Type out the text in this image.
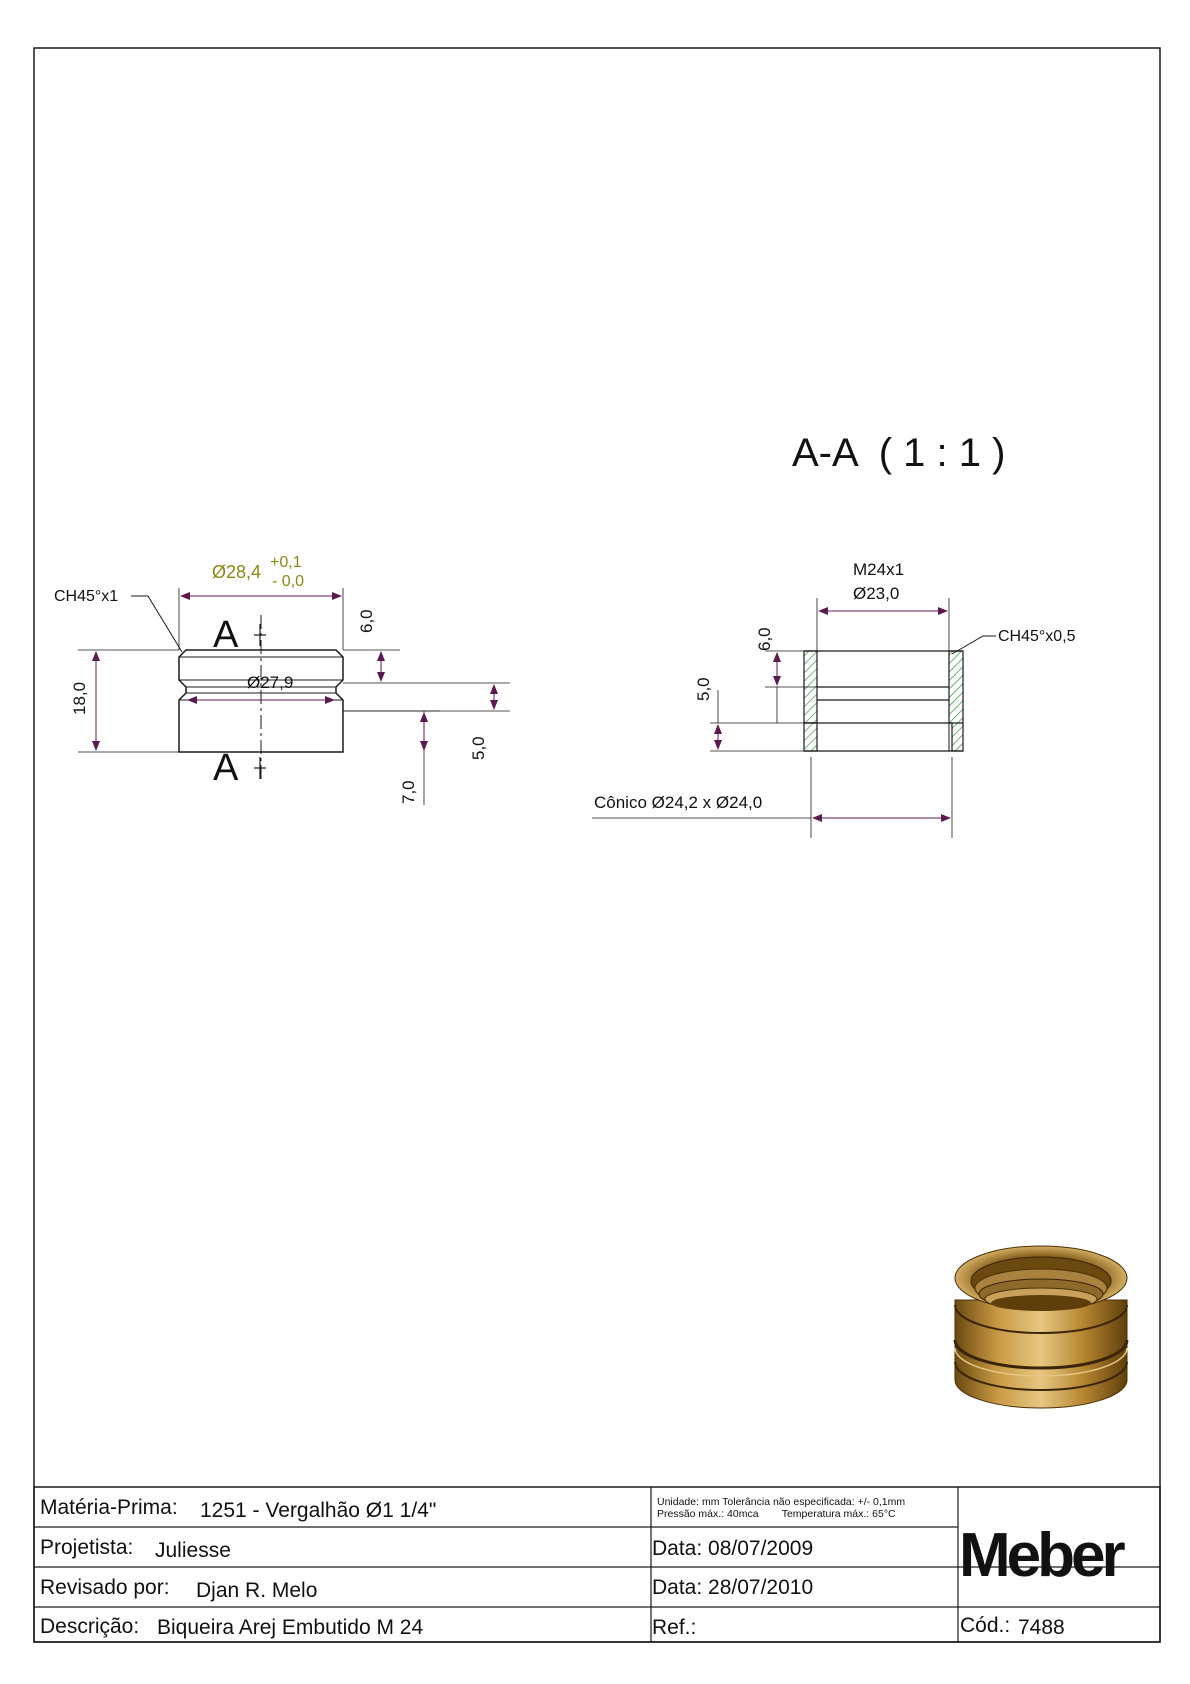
A
A
Ø28,4 +0,1
- 0,0
CH45°x1
Ø27,9
18,0
6,0
5,0
7,0
A-A  ( 1 : 1 )
M24x1
Ø23,0
CH45°x0,5
6,0
5,0
Cônico Ø24,2 x Ø24,0
Matéria-Prima: 1251 - Vergalhão Ø1 1/4"
Projetista: Juliesse
Revisado por: Djan R. Melo
Descrição: Biqueira Arej Embutido M 24
Unidade: mm Tolerância não especificada: +/- 0,1mm
Pressão máx.: 40mca        Temperatura máx.: 65°C
Data: 08/07/2009
Data: 28/07/2010
Ref.:
Meber
Cód.: 7488
